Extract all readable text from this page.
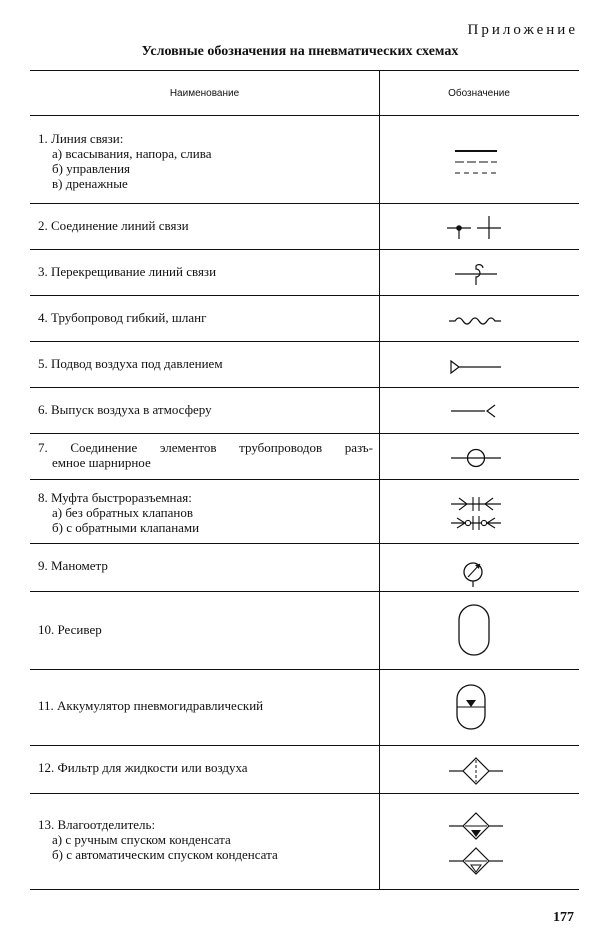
Приложение
Условные обозначения на пневматических схемах
Наименование	Обозначение
1. Линия связи:
а) всасывания, напора, слива
б) управления
в) дренажные
2. Соединение линий связи
3. Перекрещивание линий связи
4. Трубопровод гибкий, шланг
5. Подвод воздуха под давлением
6. Выпуск воздуха в атмосферу
7. Соединение элементов трубопроводов разъ-
емное шарнирное
8. Муфта быстроразъемная:
а) без обратных клапанов
б) с обратными клапанами
9. Манометр
10. Ресивер
11. Аккумулятор пневмогидравлический
12. Фильтр для жидкости или воздуха
13. Влагоотделитель:
а) с ручным спуском конденсата
б) с автоматическим спуском конденсата
177
